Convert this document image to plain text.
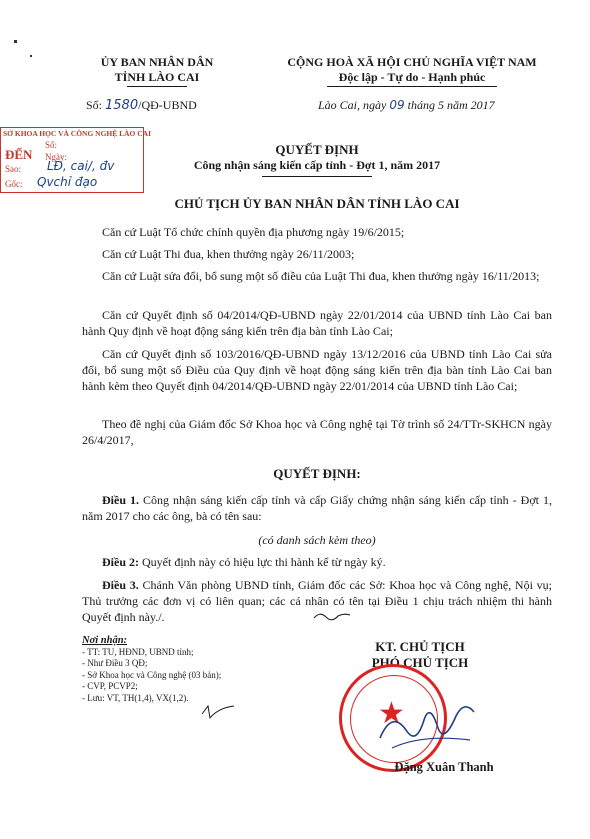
ỦY BAN NHÂN DÂN
TỈNH LÀO CAI
CỘNG HOÀ XÃ HỘI CHỦ NGHĨA VIỆT NAM
Độc lập - Tự do - Hạnh phúc
Số: 1580/QĐ-UBND	Lào Cai, ngày 09 tháng 5 năm 2017
SỞ KHOA HỌC VÀ CÔNG NGHỆ LÀO CAI
ĐẾN
Số:
Ngày:
Sao:
Gốc:
LĐ, cai/, đv
Qvchỉ đạo
QUYẾT ĐỊNH
Công nhận sáng kiến cấp tỉnh - Đợt 1, năm 2017
CHỦ TỊCH ỦY BAN NHÂN DÂN TỈNH LÀO CAI
Căn cứ Luật Tổ chức chính quyền địa phương ngày 19/6/2015;
Căn cứ Luật Thi đua, khen thưởng ngày 26/11/2003;
Căn cứ Luật sửa đổi, bổ sung một số điều của Luật Thi đua, khen thưởng ngày 16/11/2013;
Căn cứ Quyết định số 04/2014/QĐ-UBND ngày 22/01/2014 của UBND tỉnh Lào Cai ban hành Quy định về hoạt động sáng kiến trên địa bàn tỉnh Lào Cai;
Căn cứ Quyết định số 103/2016/QĐ-UBND ngày 13/12/2016 của UBND tỉnh Lào Cai sửa đổi, bổ sung một số Điều của Quy định về hoạt động sáng kiến trên địa bàn tỉnh Lào Cai ban hành kèm theo Quyết định 04/2014/QĐ-UBND ngày 22/01/2014 của UBND tỉnh Lào Cai;
Theo đề nghị của Giám đốc Sở Khoa học và Công nghệ tại Tờ trình số 24/TTr-SKHCN ngày 26/4/2017,
QUYẾT ĐỊNH:
Điều 1. Công nhận sáng kiến cấp tỉnh và cấp Giấy chứng nhận sáng kiến cấp tỉnh - Đợt 1, năm 2017 cho các ông, bà có tên sau:
(có danh sách kèm theo)
Điều 2: Quyết định này có hiệu lực thi hành kể từ ngày ký.
Điều 3. Chánh Văn phòng UBND tỉnh, Giám đốc các Sở: Khoa học và Công nghệ, Nội vụ; Thủ trưởng các đơn vị có liên quan; các cá nhân có tên tại Điều 1 chịu trách nhiệm thi hành Quyết định này./.
Nơi nhận:
- TT: TU, HĐND, UBND tỉnh;
- Như Điều 3 QĐ;
- Sở Khoa học và Công nghệ (03 bản);
- CVP, PCVP2;
- Lưu: VT, TH(1,4), VX(1,2).
KT. CHỦ TỊCH
PHÓ CHỦ TỊCH
★
Đặng Xuân Thanh
